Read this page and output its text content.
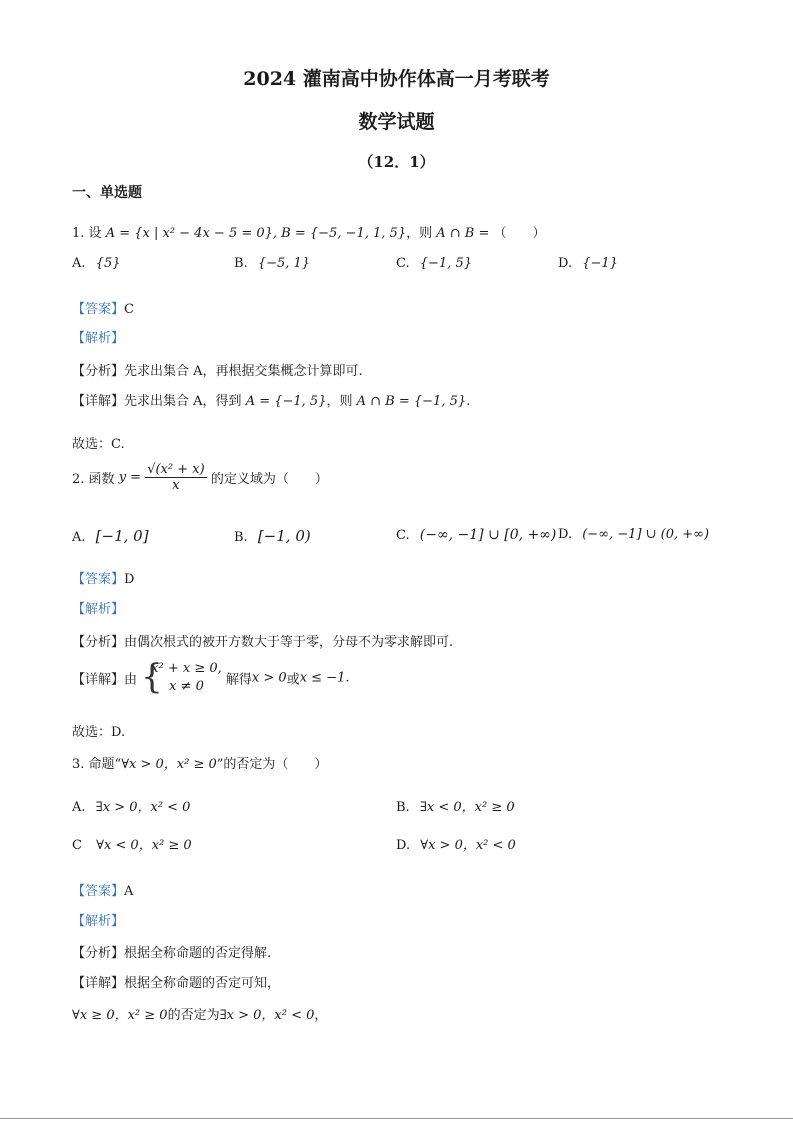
2024 灌南高中协作体高一月考联考
数学试题
（12．1）
一、单选题
1. 设 A = {x | x² − 4x − 5 = 0}, B = {−5, −1, 1, 5}，则 A ∩ B = （　　）
A. {5}	B. {−5, 1}	C. {−1, 5}	D. {−1}
【答案】C
【解析】
【分析】先求出集合 A，再根据交集概念计算即可.
【详解】先求出集合 A，得到 A = {−1, 5}，则 A ∩ B = {−1, 5}.
故选：C.
2. 函数 $y = \frac{\text{√(x² + x)}}{x}$ 的定义域为（　　）
A. [−1, 0]	B. [−1, 0)	C. (−∞, −1] ∪ [0, +∞) D. (−∞, −1] ∪ (0, +∞)
【答案】D
【解析】
【分析】由偶次根式的被开方数大于等于零，分母不为零求解即可.
【详解】由 {
x² + x ≥ 0,
x ≠ 0	解得x > 0或x ≤ −1.
故选：D.
3. 命题“∀x > 0，x² ≥ 0”的否定为（　　）
A. ∃x > 0，x² < 0	B. ∃x < 0，x² ≥ 0
C ∀x < 0，x² ≥ 0	D. ∀x > 0，x² < 0
【答案】A
【解析】
【分析】根据全称命题的否定得解.
【详解】根据全称命题的否定可知，
∀x ≥ 0，x² ≥ 0的否定为∃x > 0，x² < 0，
